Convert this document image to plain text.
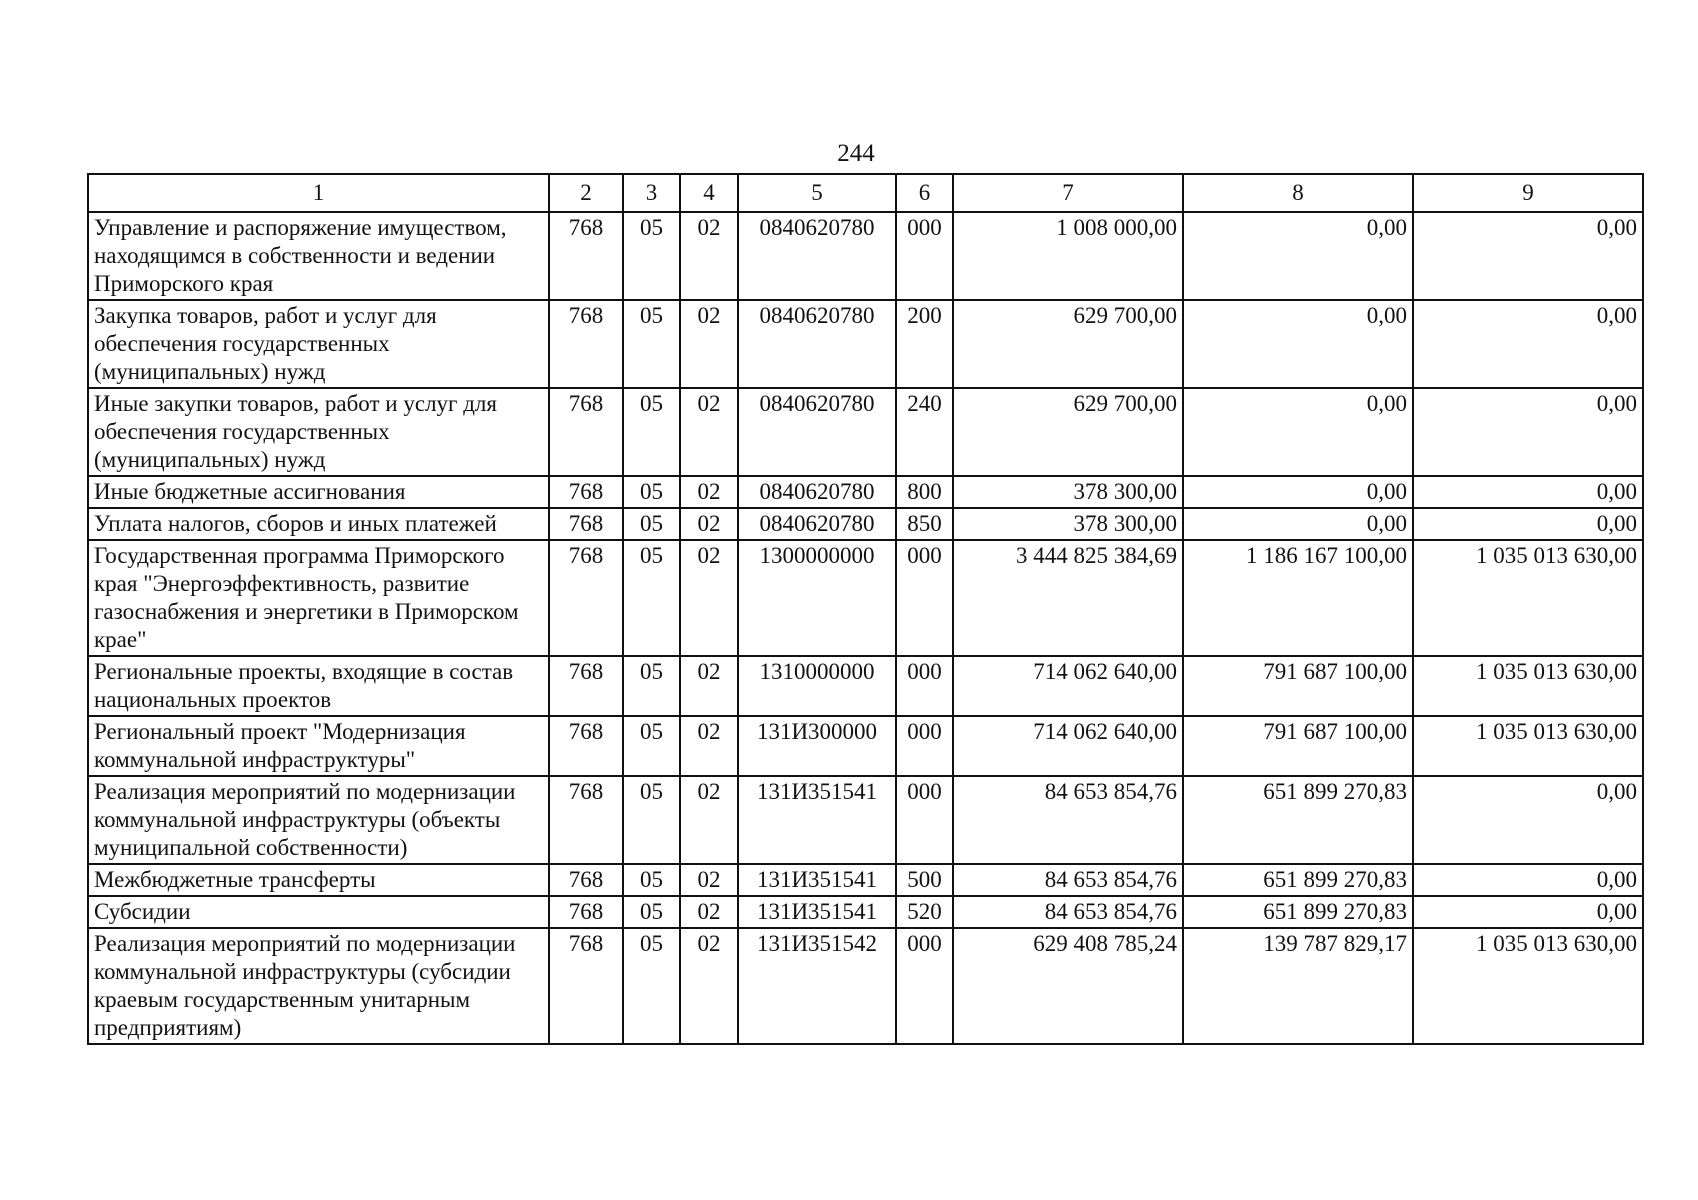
244
1	2	3	4	5	6	7	8	9
Управление и распоряжение имуществом, находящимся в собственности и ведении Приморского края	768	05	02	0840620780	000	1 008 000,00	0,00	0,00
Закупка товаров, работ и услуг для обеспечения государственных (муниципальных) нужд	768	05	02	0840620780	200	629 700,00	0,00	0,00
Иные закупки товаров, работ и услуг для обеспечения государственных (муниципальных) нужд	768	05	02	0840620780	240	629 700,00	0,00	0,00
Иные бюджетные ассигнования	768	05	02	0840620780	800	378 300,00	0,00	0,00
Уплата налогов, сборов и иных платежей	768	05	02	0840620780	850	378 300,00	0,00	0,00
Государственная программа Приморского края "Энергоэффективность, развитие газоснабжения и энергетики в Приморском крае"	768	05	02	1300000000	000	3 444 825 384,69	1 186 167 100,00	1 035 013 630,00
Региональные проекты, входящие в состав национальных проектов	768	05	02	1310000000	000	714 062 640,00	791 687 100,00	1 035 013 630,00
Региональный проект "Модернизация коммунальной инфраструктуры"	768	05	02	131И300000	000	714 062 640,00	791 687 100,00	1 035 013 630,00
Реализация мероприятий по модернизации коммунальной инфраструктуры (объекты муниципальной собственности)	768	05	02	131И351541	000	84 653 854,76	651 899 270,83	0,00
Межбюджетные трансферты	768	05	02	131И351541	500	84 653 854,76	651 899 270,83	0,00
Субсидии	768	05	02	131И351541	520	84 653 854,76	651 899 270,83	0,00
Реализация мероприятий по модернизации коммунальной инфраструктуры (субсидии краевым государственным унитарным предприятиям)	768	05	02	131И351542	000	629 408 785,24	139 787 829,17	1 035 013 630,00
